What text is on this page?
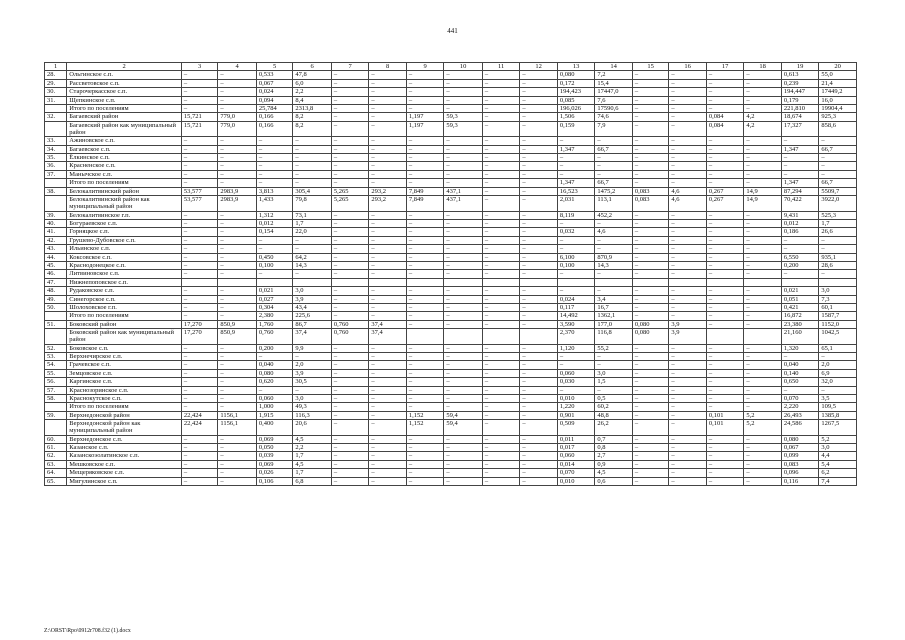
441
1	2	3	4	5	6	7	8	9	10	11	12	13	14	15	16	17	18	19	20
28.	Ольгинское с.п.	–	–	0,533	47,8	–	–	–	–	–	–	0,080	7,2	–	–	–	–	0,613	55,0
29.	Рассветовское с.п.	–	–	0,067	6,0	–	–	–	–	–	–	0,172	15,4	–	–	–	–	0,239	21,4
30.	Старочеркасское с.п.	–	–	0,024	2,2	–	–	–	–	–	–	194,423	17447,0	–	–	–	–	194,447	17449,2
31.	Щепкинское с.п.	–	–	0,094	8,4	–	–	–	–	–	–	0,085	7,6	–	–	–	–	0,179	16,0
	Итого по поселениям	–	–	25,784	2313,8	–	–	–	–	–	–	196,026	17590,6	–	–	–	–	221,810	19904,4
32.	Багаевский район	15,721	779,0	0,166	8,2	–	–	1,197	59,3	–	–	1,506	74,6	–	–	0,084	4,2	18,674	925,3
	Багаевский район как муниципальный район	15,721	779,0	0,166	8,2	–	–	1,197	59,3	–	–	0,159	7,9	–	–	0,084	4,2	17,327	858,6
33.	Ажиновское с.п.	–	–	–	–	–	–	–	–	–	–	–	–	–	–	–	–	–	–
34.	Багаевское с.п.	–	–	–	–	–	–	–	–	–	–	1,347	66,7	–	–	–	–	1,347	66,7
35.	Ёлкинское с.п.	–	–	–	–	–	–	–	–	–	–	–	–	–	–	–	–	–	–
36.	Красненское с.п.	–	–	–	–	–	–	–	–	–	–	–	–	–	–	–	–	–	–
37.	Манычское с.п.	–	–	–	–	–	–	–	–	–	–	–	–	–	–	–	–	–	–
	Итого по поселениям	–	–	–	–	–	–	–	–	–	–	1,347	66,7	–	–	–	–	1,347	66,7
38.	Белокалитвинский район	53,577	2983,9	3,813	305,4	5,265	293,2	7,849	437,1	–	–	16,523	1475,2	0,083	4,6	0,267	14,9	87,294	5509,7
	Белокалитвинский район как муниципальный район	53,577	2983,9	1,433	79,8	5,265	293,2	7,849	437,1	–	–	2,031	113,1	0,083	4,6	0,267	14,9	70,422	3922,0
39.	Белокалитвинское г.п.	–	–	1,312	73,1	–	–	–	–	–	–	8,119	452,2	–	–	–	–	9,431	525,3
40.	Богураевское с.п.	–	–	0,012	1,7	–	–	–	–	–	–	–	–	–	–	–	–	0,012	1,7
41.	Горняцкое с.п.	–	–	0,154	22,0	–	–	–	–	–	–	0,032	4,6	–	–	–	–	0,186	26,6
42.	Грушево-Дубовское с.п.	–	–	–	–	–	–	–	–	–	–	–	–	–	–	–	–	–	–
43.	Ильинское с.п.	–	–	–	–	–	–	–	–	–	–	–	–	–	–	–	–	–	–
44.	Коксовское с.п.	–	–	0,450	64,2	–	–	–	–	–	–	6,100	870,9	–	–	–	–	6,550	935,1
45.	Краснодонецкое с.п.	–	–	0,100	14,3	–	–	–	–	–	–	0,100	14,3	–	–	–	–	0,200	28,6
46.	Литвиновское с.п.	–	–	–	–	–	–	–	–	–	–	–	–	–	–	–	–	–	–
47.	Нижнепоповское с.п.																		
48.	Рудаковское с.п.	–	–	0,021	3,0	–	–	–	–	–	–	–	–	–	–	–	–	0,021	3,0
49.	Синегорское с.п.	–	–	0,027	3,9	–	–	–	–	–	–	0,024	3,4	–	–	–	–	0,051	7,3
50.	Шолоховское г.п.	–	–	0,304	43,4	–	–	–	–	–	–	0,117	16,7	–	–	–	–	0,421	60,1
	Итого по поселениям	–	–	2,380	225,6	–	–	–	–	–	–	14,492	1362,1	–	–	–	–	16,872	1587,7
51.	Боковский район	17,270	850,9	1,760	86,7	0,760	37,4	–	–	–	–	3,590	177,0	0,080	3,9	–	–	23,380	1152,0
	Боковский район как муниципальный район	17,270	850,9	0,760	37,4	0,760	37,4					2,370	116,8	0,080	3,9			21,160	1042,5
52.	Боковское с.п.	–	–	0,200	9,9	–	–	–	–	–	–	1,120	55,2	–	–	–	–	1,320	65,1
53.	Верхнечирское с.п.	–	–	–	–	–	–	–	–	–	–	–	–	–	–	–	–	–	–
54.	Грачевское с.п.	–	–	0,040	2,0	–	–	–	–	–	–	–	–	–	–	–	–	0,040	2,0
55.	Земцовское с.п.	–	–	0,080	3,9	–	–	–	–	–	–	0,060	3,0	–	–	–	–	0,140	6,9
56.	Каргинское с.п.	–	–	0,620	30,5	–	–	–	–	–	–	0,030	1,5	–	–	–	–	0,650	32,0
57.	Краснозоринское с.п.	–	–	–	–	–	–	–	–	–	–	–	–	–	–	–	–	–	–
58.	Краснокутское с.п.	–	–	0,060	3,0	–	–	–	–	–	–	0,010	0,5	–	–	–	–	0,070	3,5
	Итого по поселениям	–	–	1,000	49,3	–	–	–	–	–	–	1,220	60,2	–	–	–	–	2,220	109,5
59.	Верхнедонской район	22,424	1156,1	1,915	116,3	–	–	1,152	59,4	–	–	0,901	48,8	–	–	0,101	5,2	26,493	1385,8
	Верхнедонской район как муниципальный район	22,424	1156,1	0,400	20,6	–	–	1,152	59,4	–	–	0,509	26,2	–	–	0,101	5,2	24,586	1267,5
60.	Верхнедонское с.п.	–	–	0,069	4,5	–	–	–	–	–	–	0,011	0,7	–	–	–	–	0,080	5,2
61.	Казанское с.п.	–	–	0,050	2,2	–	–	–	–	–	–	0,017	0,8	–	–	–	–	0,067	3,0
62.	Казанскоэолатинское с.п.	–	–	0,039	1,7	–	–	–	–	–	–	0,060	2,7	–	–	–	–	0,099	4,4
63.	Мешковское с.п.	–	–	0,069	4,5	–	–	–	–	–	–	0,014	0,9	–	–	–	–	0,083	5,4
64.	Мещеряковское с.п.	–	–	0,026	1,7	–	–	–	–	–	–	0,070	4,5	–	–	–	–	0,096	6,2
65.	Мигулинское с.п.	–	–	0,106	6,8	–	–	–	–	–	–	0,010	0,6	–	–	–	–	0,116	7,4
Z:\ORST\Rpo\0912r708.f32 (1).docx
